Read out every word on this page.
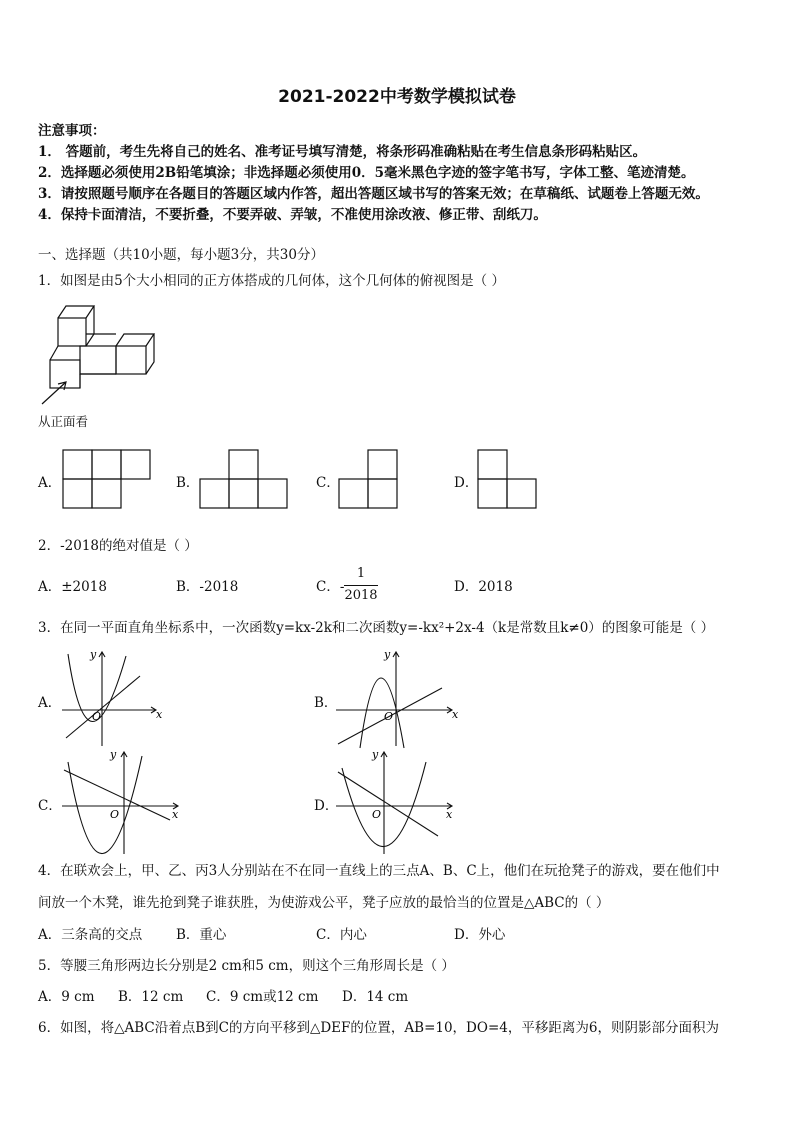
2021-2022中考数学模拟试卷
注意事项：
1． 答题前，考生先将自己的姓名、准考证号填写清楚，将条形码准确粘贴在考生信息条形码粘贴区。
2．选择题必须使用2B铅笔填涂；非选择题必须使用0．5毫米黑色字迹的签字笔书写，字体工整、笔迹清楚。
3．请按照题号顺序在各题目的答题区域内作答，超出答题区域书写的答案无效；在草稿纸、试题卷上答题无效。
4．保持卡面清洁，不要折叠，不要弄破、弄皱，不准使用涂改液、修正带、刮纸刀。
一、选择题（共10小题，每小题3分，共30分）
1．如图是由5个大小相同的正方体搭成的几何体，这个几何体的俯视图是（ ）
从正面看
A．	B．	C．	D．
2．-2018的绝对值是（ ）
A．±2018	B．-2018	C．-
1
2018
D．2018
3．在同一平面直角坐标系中，一次函数y=kx-2k和二次函数y=-kx²+2x-4（k是常数且k≠0）的图象可能是（ ）
A．
O	x
y
B．
O	x
y
C．
O	x
y
D．
O	x
y
4．在联欢会上，甲、乙、丙3人分别站在不在同一直线上的三点A、B、C上，他们在玩抢凳子的游戏，要在他们中
间放一个木凳，谁先抢到凳子谁获胜，为使游戏公平，凳子应放的最恰当的位置是△ABC的（ ）
A．三条高的交点	B．重心	C．内心	D．外心
5．等腰三角形两边长分别是2 cm和5 cm，则这个三角形周长是（ ）
A．9 cm B．12 cm C．9 cm或12 cm D．14 cm
6．如图，将△ABC沿着点B到C的方向平移到△DEF的位置，AB=10，DO=4，平移距离为6，则阴影部分面积为
